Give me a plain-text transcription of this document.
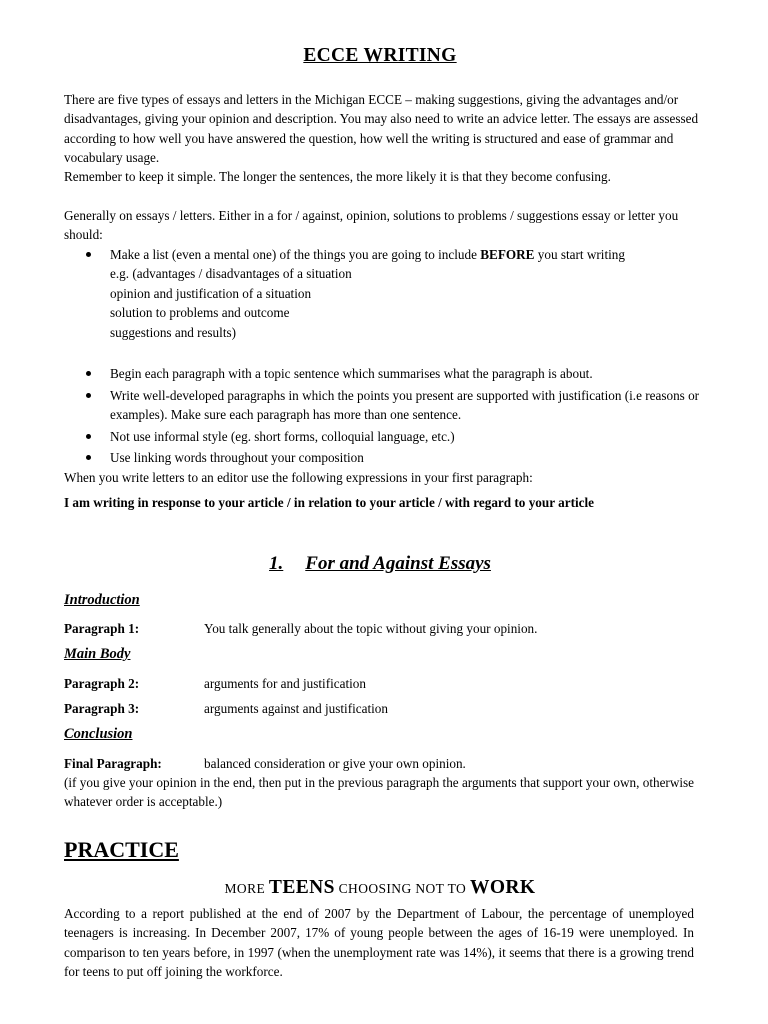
ECCE WRITING
There are five types of essays and letters in the Michigan ECCE – making suggestions, giving the advantages and/or disadvantages, giving your opinion and description. You may also need to write an advice letter. The essays are assessed according to how well you have answered the question, how well the writing is structured and ease of grammar and vocabulary usage.
Remember to keep it simple. The longer the sentences, the more likely it is that they become confusing.
Generally on essays / letters. Either in a for / against, opinion, solutions to problems / suggestions essay or letter you should:
Make a list (even a mental one) of the things you are going to include BEFORE you start writing
e.g. (advantages / disadvantages of a situation
opinion and justification of a situation
solution to problems and outcome
suggestions and results)
Begin each paragraph with a topic sentence which summarises what the paragraph is about.
Write well-developed paragraphs in which the points you present are supported with justification (i.e reasons or examples). Make sure each paragraph has more than one sentence.
Not use informal style (eg. short forms, colloquial language, etc.)
Use linking words throughout your composition
When you write letters to an editor use the following expressions in your first paragraph:
I am writing in response to your article / in relation to your article / with regard to your article
1. For and Against Essays
Introduction
Paragraph 1:	You talk generally about the topic without giving your opinion.
Main Body
Paragraph 2:	arguments for and justification
Paragraph 3:	arguments against and justification
Conclusion
Final Paragraph:	balanced consideration or give your own opinion.
(if you give your opinion in the end, then put in the previous paragraph the arguments that support your own, otherwise whatever order is acceptable.)
PRACTICE
MORE TEENS CHOOSING NOT TO WORK
According to a report published at the end of 2007 by the Department of Labour, the percentage of unemployed teenagers is increasing. In December 2007, 17% of young people between the ages of 16-19 were unemployed. In comparison to ten years before, in 1997 (when the unemployment rate was 14%), it seems that there is a growing trend for teens to put off joining the workforce.
